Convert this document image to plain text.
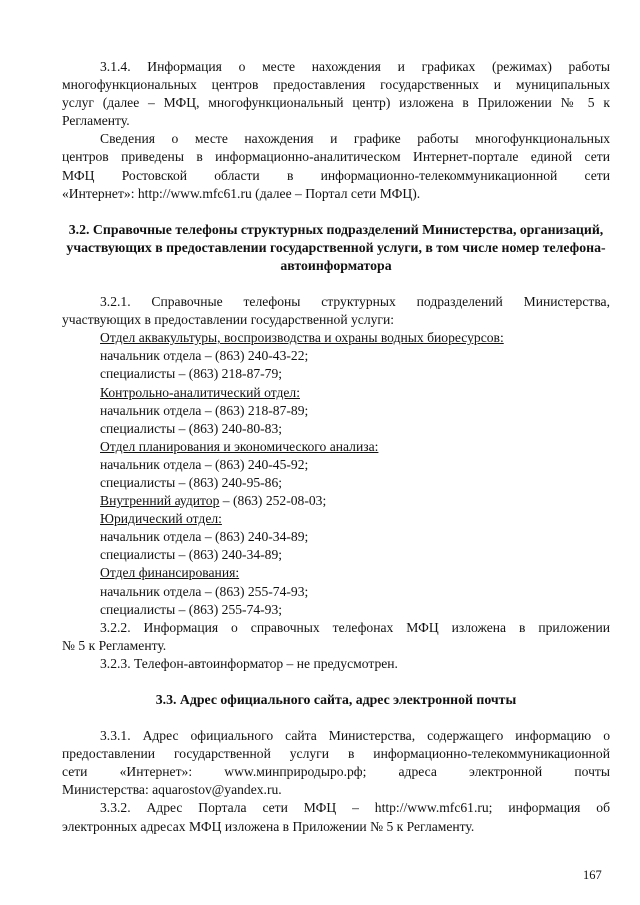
3.1.4. Информация о месте нахождения и графиках (режимах) работы

многофункциональных центров предоставления государственных и муниципальных

услуг (далее – МФЦ, многофункциональный центр) изложена в Приложении № 5 к

Регламенту.

Сведения о месте нахождения и графике работы многофункциональных

центров приведены в информационно-аналитическом Интернет-портале единой сети

МФЦ Ростовской области в информационно-телекоммуникационной сети

«Интернет»: http://www.mfc61.ru (далее – Портал сети МФЦ).

3.2. Справочные телефоны структурных подразделений Министерства, организаций, участвующих в предоставлении государственной услуги, в том числе номер телефона-автоинформатора

3.2.1. Справочные телефоны структурных подразделений Министерства,

участвующих в предоставлении государственной услуги:

Отдел аквакультуры, воспроизводства и охраны водных биоресурсов:

начальник отдела – (863) 240-43-22;

специалисты – (863) 218-87-79;

Контрольно-аналитический отдел:

начальник отдела – (863) 218-87-89;

специалисты – (863) 240-80-83;

Отдел планирования и экономического анализа:

начальник отдела – (863) 240-45-92;

специалисты – (863) 240-95-86;

Внутренний аудитор – (863) 252-08-03;

Юридический отдел:

начальник отдела – (863) 240-34-89;

специалисты – (863) 240-34-89;

Отдел финансирования:

начальник отдела – (863) 255-74-93;

специалисты – (863) 255-74-93;

3.2.2. Информация о справочных телефонах МФЦ изложена в приложении

№ 5 к Регламенту.

3.2.3. Телефон-автоинформатор – не предусмотрен.

3.3. Адрес официального сайта, адрес электронной почты

3.3.1. Адрес официального сайта Министерства, содержащего информацию о

предоставлении государственной услуги в информационно-телекоммуникационной

сети «Интернет»: www.минприродыро.рф; адреса электронной почты

Министерства: aquarostov@yandex.ru.

3.3.2. Адрес Портала сети МФЦ – http://www.mfc61.ru; информация об

электронных адресах МФЦ изложена в Приложении № 5 к Регламенту.

167
